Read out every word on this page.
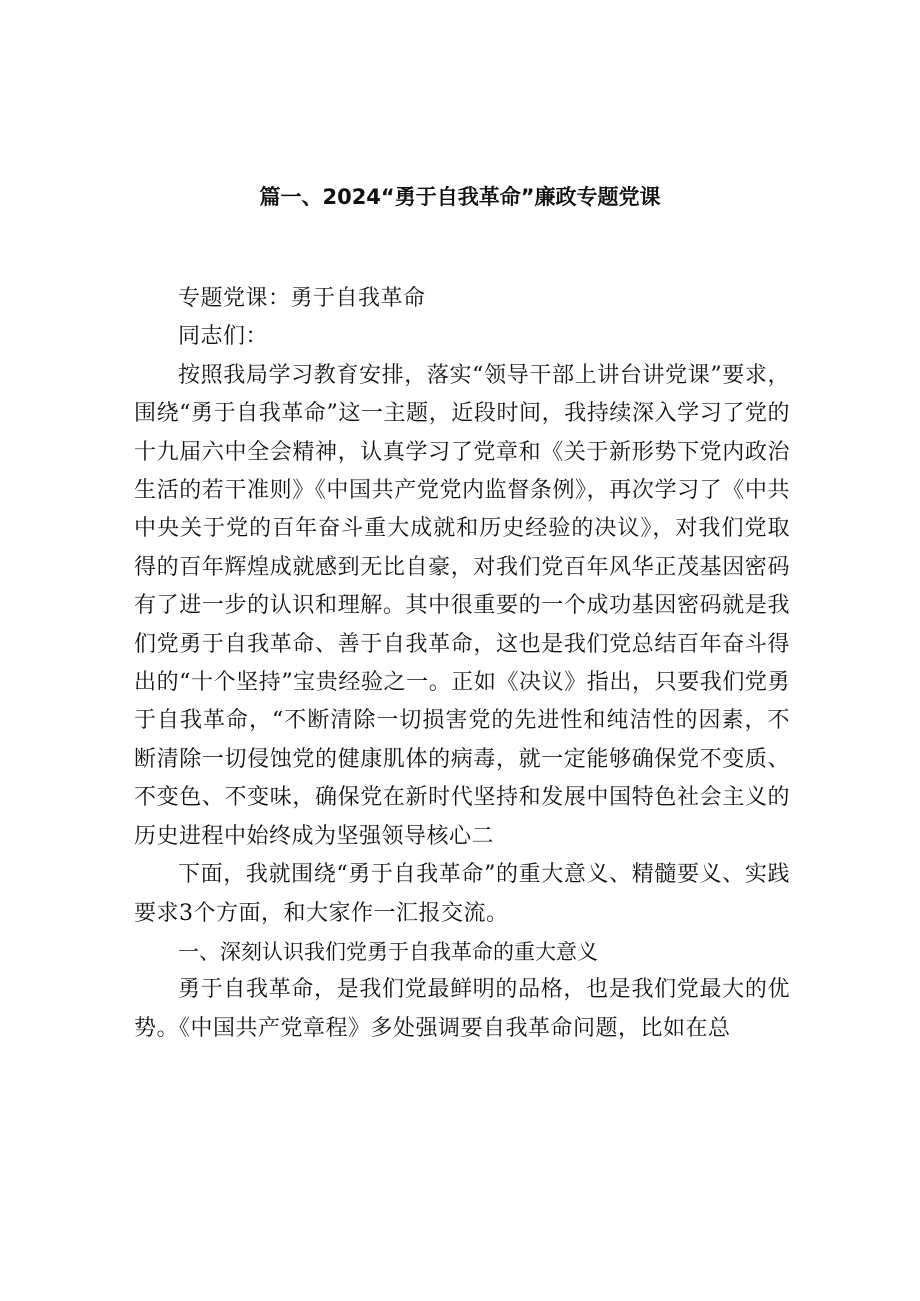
篇一、2024“勇于自我革命”廉政专题党课

专题党课：勇于自我革命

同志们：

按照我局学习教育安排，落实“领导干部上讲台讲党课”要求，围绕“勇于自我革命”这一主题，近段时间，我持续深入学习了党的十九届六中全会精神，认真学习了党章和《关于新形势下党内政治生活的若干准则》《中国共产党党内监督条例》，再次学习了《中共中央关于党的百年奋斗重大成就和历史经验的决议》，对我们党取得的百年辉煌成就感到无比自豪，对我们党百年风华正茂基因密码有了进一步的认识和理解。其中很重要的一个成功基因密码就是我们党勇于自我革命、善于自我革命，这也是我们党总结百年奋斗得出的“十个坚持”宝贵经验之一。正如《决议》指出，只要我们党勇于自我革命，“不断清除一切损害党的先进性和纯洁性的因素，不断清除一切侵蚀党的健康肌体的病毒，就一定能够确保党不变质、不变色、不变味，确保党在新时代坚持和发展中国特色社会主义的历史进程中始终成为坚强领导核心二

下面，我就围绕“勇于自我革命”的重大意义、精髓要义、实践要求3个方面，和大家作一汇报交流。

一、深刻认识我们党勇于自我革命的重大意义

勇于自我革命，是我们党最鲜明的品格，也是我们党最大的优势。《中国共产党章程》多处强调要自我革命问题，比如在总
